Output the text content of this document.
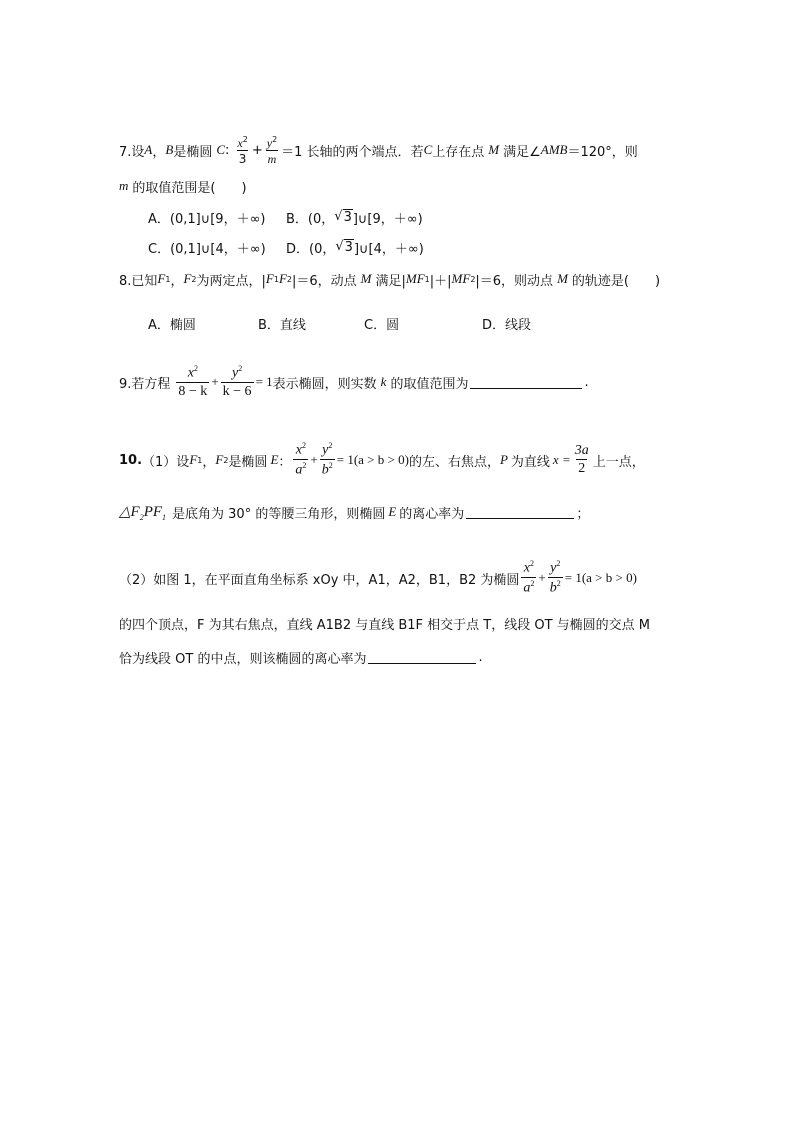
7.设 A ， B 是椭圆 C : $\frac{x^2}{3} + \frac{y^2}{m} =1$ 长轴的两个端点．若 C 上存在点 M 满足∠ AMB ＝120°，则
m 的取值范围是(　　)
A．(0,1]∪[9，＋∞)	B．(0， √ 3 ]∪[9，＋∞)
C．(0,1]∪[4，＋∞)	D．(0， √ 3 ]∪[4，＋∞)
8.已知 F 1 ， F 2 为两定点，| F 1 F 2 |＝6，动点 M 满足| MF 1 |＋| MF 2 |＝6，则动点 M 的轨迹是(　　)
A．椭圆	B．直线	C．圆	D．线段
9.若方程 $\frac{x^2}{8 - k} + \frac{y^2}{k - 6} = 1$ 表示椭圆，则实数 k 的取值范围为	.
10. （1）设 F 1 ， F 2 是椭圆 E ： $\frac{x^2}{a^2} + \frac{y^2}{b^2} = 1(a > b > 0)$ 的左、右焦点， P 为直线 $x = \frac{3a}{2}$ 上一点，
$\triangle F_2PF_1$ 是底角为 30° 的等腰三角形，则椭圆 E 的离心率为	；
（2）如图 1，在平面直角坐标系 xOy 中，A1，A2，B1，B2 为椭圆 $\frac{x^2}{a^2} + \frac{y^2}{b^2} = 1(a > b > 0)$
的四个顶点，F 为其右焦点，直线 A1B2 与直线 B1F 相交于点 T，线段 OT 与椭圆的交点 M
恰为线段 OT 的中点，则该椭圆的离心率为	.
